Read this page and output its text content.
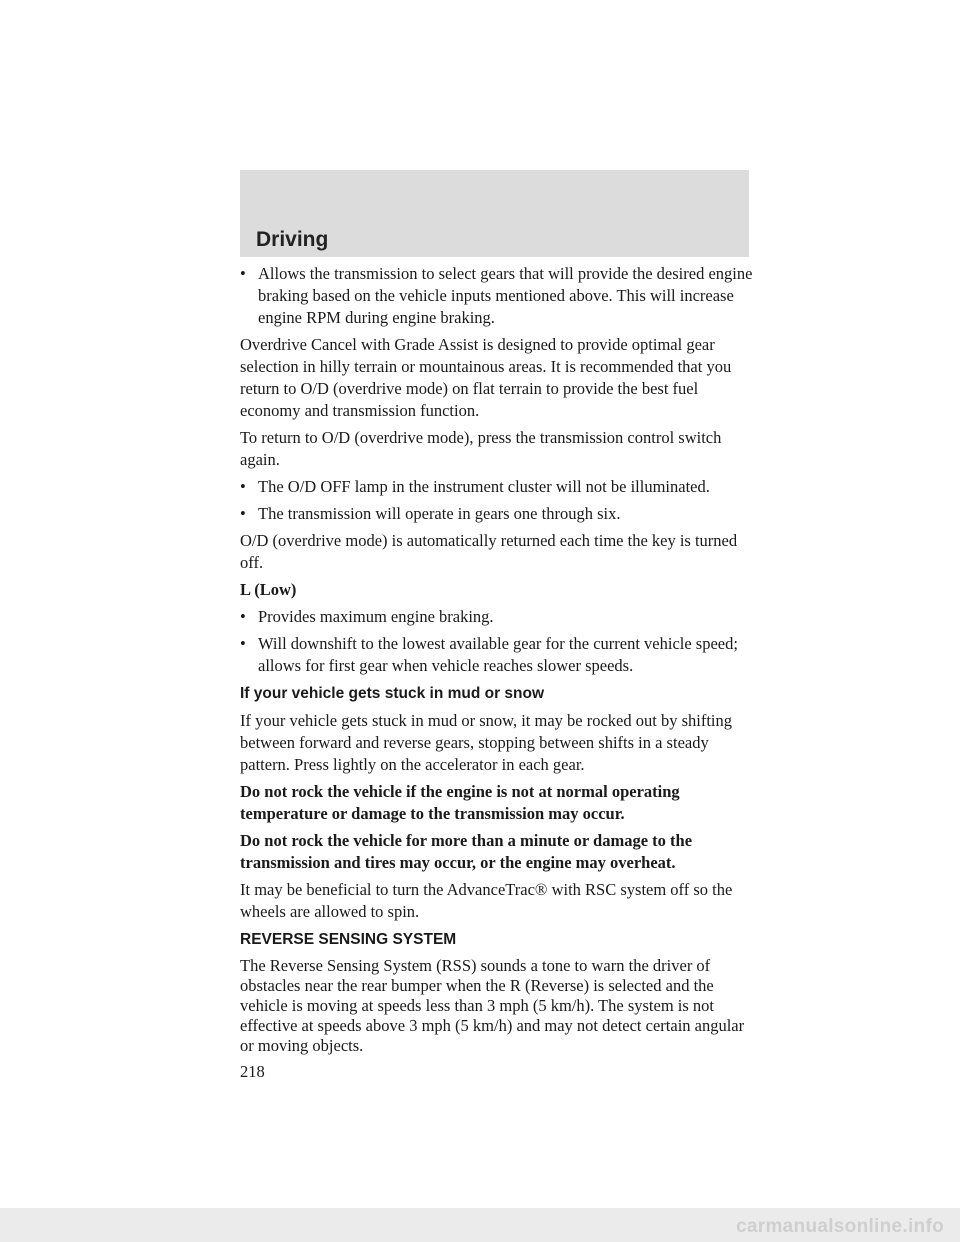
Driving
• Allows the transmission to select gears that will provide the desired engine braking based on the vehicle inputs mentioned above. This will increase engine RPM during engine braking.

Overdrive Cancel with Grade Assist is designed to provide optimal gear selection in hilly terrain or mountainous areas. It is recommended that you return to O/D (overdrive mode) on flat terrain to provide the best fuel economy and transmission function.

To return to O/D (overdrive mode), press the transmission control switch again.

• The O/D OFF lamp in the instrument cluster will not be illuminated.
• The transmission will operate in gears one through six.

O/D (overdrive mode) is automatically returned each time the key is turned off.

L (Low)

• Provides maximum engine braking.
• Will downshift to the lowest available gear for the current vehicle speed; allows for first gear when vehicle reaches slower speeds.
If your vehicle gets stuck in mud or snow

If your vehicle gets stuck in mud or snow, it may be rocked out by shifting between forward and reverse gears, stopping between shifts in a steady pattern. Press lightly on the accelerator in each gear.

Do not rock the vehicle if the engine is not at normal operating temperature or damage to the transmission may occur.

Do not rock the vehicle for more than a minute or damage to the transmission and tires may occur, or the engine may overheat.

It may be beneficial to turn the AdvanceTrac® with RSC system off so the wheels are allowed to spin.

REVERSE SENSING SYSTEM

The Reverse Sensing System (RSS) sounds a tone to warn the driver of obstacles near the rear bumper when the R (Reverse) is selected and the vehicle is moving at speeds less than 3 mph (5 km/h). The system is not effective at speeds above 3 mph (5 km/h) and may not detect certain angular or moving objects.

218
carmanualsonline.info
